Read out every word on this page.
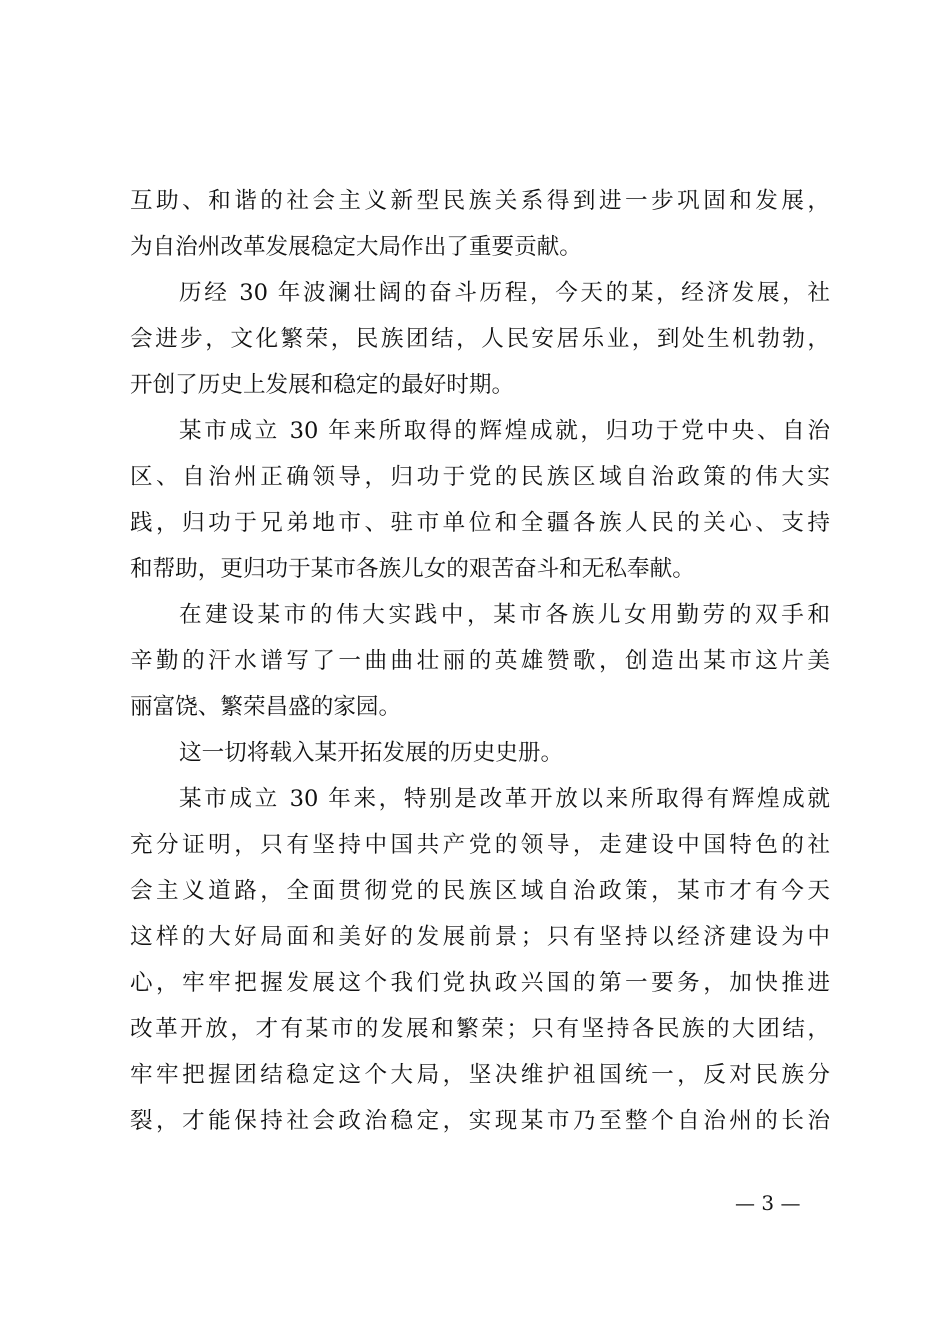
互助、和谐的社会主义新型民族关系得到进一步巩固和发展，
为自治州改革发展稳定大局作出了重要贡献。
历经 30 年波澜壮阔的奋斗历程，今天的某，经济发展，社
会进步，文化繁荣，民族团结，人民安居乐业，到处生机勃勃，
开创了历史上发展和稳定的最好时期。
某市成立 30 年来所取得的辉煌成就，归功于党中央、自治
区、自治州正确领导，归功于党的民族区域自治政策的伟大实
践，归功于兄弟地市、驻市单位和全疆各族人民的关心、支持
和帮助，更归功于某市各族儿女的艰苦奋斗和无私奉献。
在建设某市的伟大实践中，某市各族儿女用勤劳的双手和
辛勤的汗水谱写了一曲曲壮丽的英雄赞歌，创造出某市这片美
丽富饶、繁荣昌盛的家园。
这一切将载入某开拓发展的历史史册。
某市成立 30 年来，特别是改革开放以来所取得有辉煌成就
充分证明，只有坚持中国共产党的领导，走建设中国特色的社
会主义道路，全面贯彻党的民族区域自治政策，某市才有今天
这样的大好局面和美好的发展前景；只有坚持以经济建设为中
心，牢牢把握发展这个我们党执政兴国的第一要务，加快推进
改革开放，才有某市的发展和繁荣；只有坚持各民族的大团结，
牢牢把握团结稳定这个大局，坚决维护祖国统一，反对民族分
裂，才能保持社会政治稳定，实现某市乃至整个自治州的长治
— 3 —
